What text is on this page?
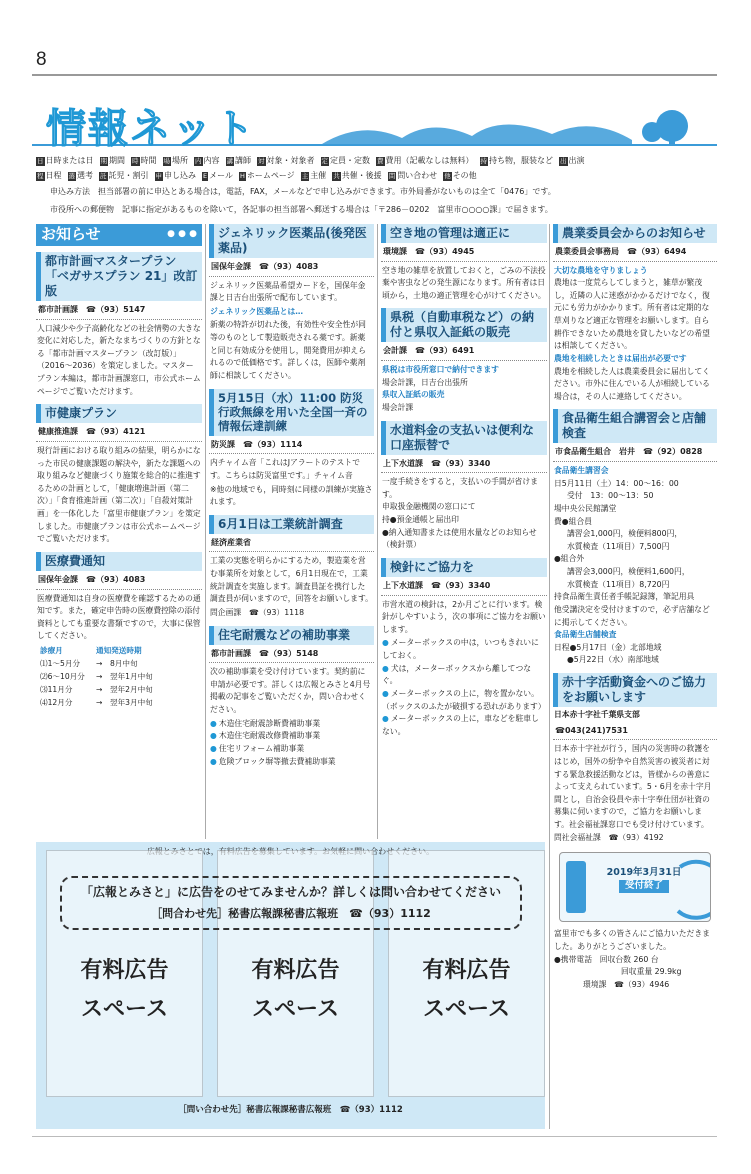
8
情報ネット
日 日時または日 期 期間 時 時間 場 場所 内 内容 講 講師 対 対象・対象者 定 定員・定数 費 費用（記載なしは無料） 持 持ち物，服装など 出 出演
程 日程 選 選考 託 託児・割引 申 申し込み E メール H ホームページ 主 主催 共 共催・後援 問 問い合わせ 他 その他
申込み方法　担当部署の前に申込とある場合は，電話，FAX，メールなどで申し込みができます。市外局番がないものは全て「0476」です。
市役所への郵便物　記事に指定があるものを除いて，各記事の担当部署へ郵送する場合は「〒286－0202　富里市○○○○課」で届きます。
お知らせ	● ● ●
都市計画マスタープラン「ベガサスプラン 21」改訂版
都市計画課　☎（93）5147
人口減少や少子高齢化などの社会情勢の大きな変化に対応した，新たなまちづくりの方針となる「都市計画マスタープラン（改訂版）」（2016～2036）を策定しました。マスタープラン本編は，都市計画課窓口，市公式ホームページでご覧いただけます。
市健康プラン
健康推進課　☎（93）4121
現行計画における取り組みの結果，明らかになった市民の健康課題の解決や，新たな課題への取り組みなど健康づくり施策を総合的に推進するための計画として，「健康増進計画（第二次）」「食育推進計画（第二次）」「自殺対策計画」を一体化した「富里市健康プラン」を策定しました。市健康プランは市公式ホームページでご覧いただけます。
医療費通知
国保年金課　☎（93）4083
医療費通知は自身の医療費を確認するための通知です。また，確定申告時の医療費控除の添付資料としても重要な書類ですので，大事に保管してください。
診療月	通知発送時期
⑴1～5月分	→　8月中旬
⑵6～10月分	→　翌年1月中旬
⑶11月分	→　翌年2月中旬
⑷12月分	→　翌年3月中旬
ジェネリック医薬品(後発医薬品)
国保年金課　☎（93）4083
ジェネリック医薬品希望カードを，国保年金課と日吉台出張所で配布しています。
ジェネリック医薬品とは…
新薬の特許が切れた後，有効性や安全性が同等のものとして製造販売される薬です。新薬と同じ有効成分を使用し，開発費用が抑えられるので低価格です。詳しくは，医師や薬剤師に相談してください。
5月15日（水）11:00 防災行政無線を用いた全国一斉の情報伝達訓練
防災課　☎（93）1114
内チャイム音「これはJアラートのテストです。こちらは防災富里です。」チャイム音
※他の地域でも，同時刻に同様の訓練が実施されます。
6月1日は工業統計調査
経済産業省
工業の実態を明らかにするため，製造業を営む事業所を対象として，6月1日現在で，工業統計調査を実施します。調査員証を携行した調査員が伺いますので，回答をお願いします。
問企画課　☎（93）1118
住宅耐震などの補助事業
都市計画課　☎（93）5148
次の補助事業を受け付けています。契約前に申請が必要です。詳しくは広報とみさと4月号掲載の記事をご覧いただくか，問い合わせください。
● 木造住宅耐震診断費補助事業
● 木造住宅耐震改修費補助事業
● 住宅リフォーム補助事業
● 危険ブロック塀等撤去費補助事業
空き地の管理は適正に
環境課　☎（93）4945
空き地の雑草を放置しておくと，ごみの不法投棄や害虫などの発生源になります。所有者は日頃から，土地の適正管理を心がけてください。
県税（自動車税など）の納付と県収入証紙の販売
会計課　☎（93）6491
県税は市役所窓口で納付できます
場会計課，日吉台出張所
県収入証紙の販売
場会計課
水道料金の支払いは便利な口座振替で
上下水道課　☎（93）3340
一度手続きをすると，支払いの手間が省けます。
申取扱金融機関の窓口にて
持●預金通帳と届出印
●納入通知書または使用水量などのお知らせ（検針票）
検針にご協力を
上下水道課　☎（93）3340
市営水道の検針は，2か月ごとに行います。検針がしやすいよう，次の事項にご協力をお願いします。
● メーターボックスの中は，いつもきれいにしておく。
● 犬は，メーターボックスから離してつなぐ。
● メーターボックスの上に，物を置かない。（ボックスのふたが破損する恐れがあります）
● メーターボックスの上に，車などを駐車しない。
農業委員会からのお知らせ
農業委員会事務局　☎（93）6494
大切な農地を守りましょう
農地は一度荒らしてしまうと，雑草が繁茂し，近隣の人に迷惑がかかるだけでなく，復元にも労力がかかります。所有者は定期的な草刈りなど適正な管理をお願いします。自ら耕作できないため農地を貸したいなどの希望は相談してください。
農地を相続したときは届出が必要です
農地を相続した人は農業委員会に届出してください。市外に住んでいる人が相続している場合は，その人に連絡してください。
食品衛生組合講習会と店舗検査
市食品衛生組合　岩井　☎（92）0828
食品衛生講習会
日5月11日（土）14：00～16：00
受付　13：00～13：50
場中央公民館講堂
費●組合員
講習会1,000円，検便料800円，
水質検査（11項目）7,500円
●組合外
講習会3,000円，検便料1,600円，
水質検査（11項目）8,720円
持食品衛生責任者手帳記録簿，筆記用具
他受講決定を受付けますので，必ず店舗などに掲示してください。
食品衛生店舗検査
日程●5月17日（金）北部地域
●5月22日（水）南部地域
赤十字活動資金へのご協力をお願いします
日本赤十字社千葉県支部
☎043(241)7531
日本赤十字社が行う，国内の災害時の救護をはじめ，国外の紛争や自然災害の被災者に対する緊急救援活動などは，皆様からの善意によって支えられています。5・6月を赤十字月間とし，自治会役員や赤十字奉仕団が社資の募集に伺いますので，ご協力をお願いします。社会福祉課窓口でも受け付けています。
問社会福祉課　☎（93）4192
2019年3月31日
受付終了
富里市でも多くの皆さんにご協力いただきました。ありがとうございました。
●携帯電話　回収台数 260 台
回収重量 29.9kg
環境課　☎（93）4946
「広報とみさと」に広告をのせてみませんか？詳しくは問い合わせてください
［問合わせ先］秘書広報課秘書広報班　☎（93）1112
有料広告
スペース
有料広告
スペース
有料広告
スペース
［問い合わせ先］秘書広報課秘書広報班　☎（93）1112
